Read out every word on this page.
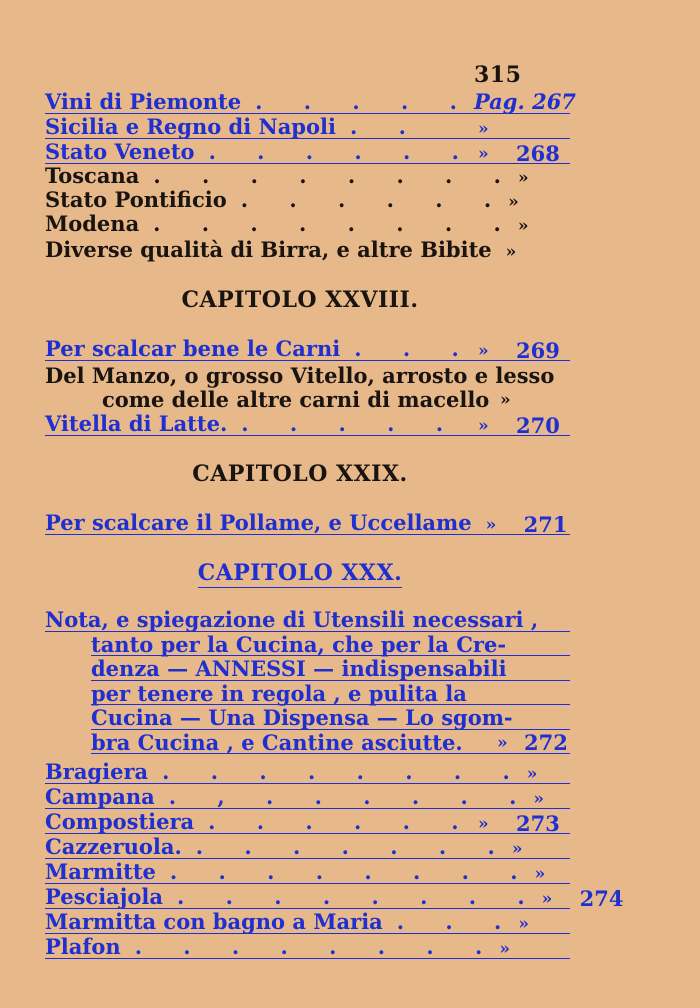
315
Vini di Piemonte . . . . . Pag. 267
Sicilia e Regno di Napoli . .	»
Stato Veneto . . . . . . »	268
Toscana . . . . . . . . »
Stato Pontificio . . . . . . »
Modena . . . . . . . . »
Diverse qualità di Birra, e altre Bibite »
CAPITOLO XXVIII.
Per scalcar bene le Carni . . . »	269
Del Manzo, o grosso Vitello, arrosto e lesso
come delle altre carni di macello »
Vitella di Latte. . . . . .	»	270
CAPITOLO XXIX.
Per scalcare il Pollame, e Uccellame »	271
CAPITOLO XXX.
Nota, e spiegazione di Utensili necessari ,
tanto per la Cucina, che per la Cre-
denza — ANNESSI — indispensabili
per tenere in regola , e pulita la
Cucina — Una Dispensa — Lo sgom-
bra Cucina , e Cantine asciutte. » 272
Bragiera . . . . . . . . »
Campana . , . . . . . . »
Compostiera . . . . . . »	273
Cazzeruola. . . . . . . . »
Marmitte . . . . . . . . »
Pesciajola . . . . . . . . »	274
Marmitta con bagno a Maria . . . »
Plafon . . . . . . . . »
